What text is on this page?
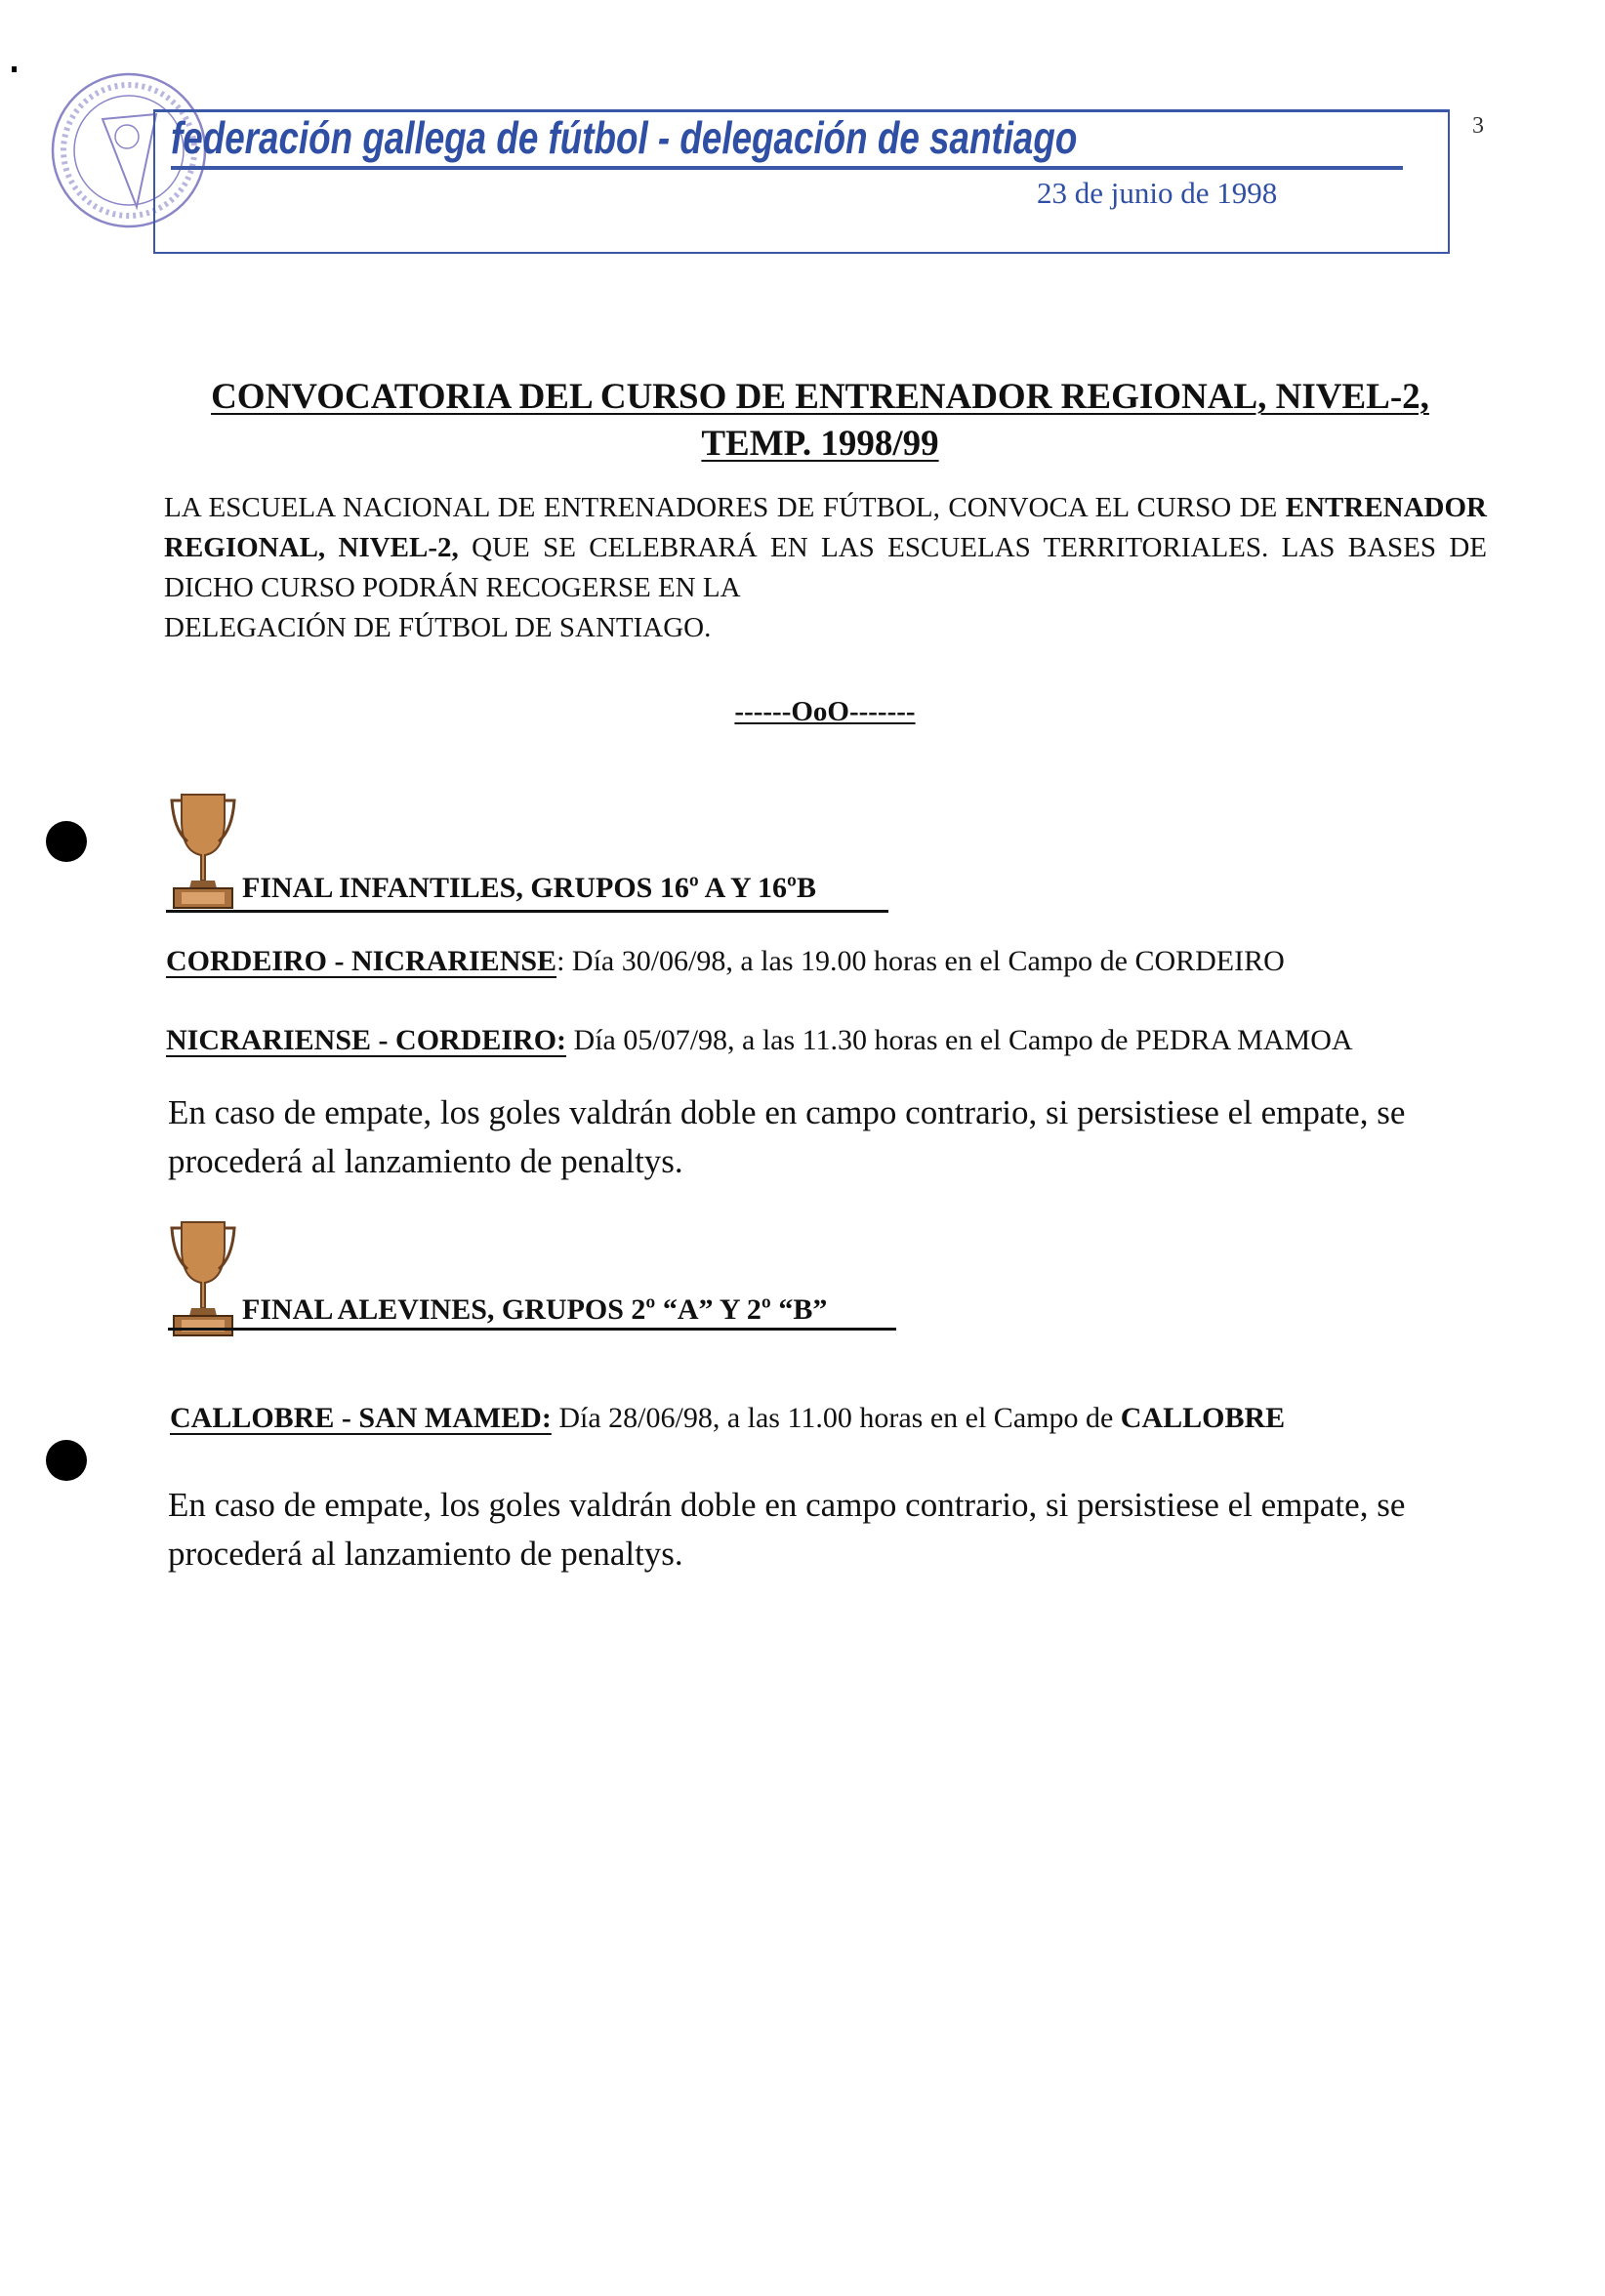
federación gallega de fútbol - delegación de santiago
23 de junio de 1998
3
CONVOCATORIA DEL CURSO DE ENTRENADOR REGIONAL, NIVEL-2,
TEMP. 1998/99
LA ESCUELA NACIONAL DE ENTRENADORES DE FÚTBOL, CONVOCA EL CURSO DE ENTRENADOR REGIONAL, NIVEL-2, QUE SE CELEBRARÁ EN LAS ESCUELAS TERRITORIALES. LAS BASES DE DICHO CURSO PODRÁN RECOGERSE EN LA
DELEGACIÓN DE FÚTBOL DE SANTIAGO.
------OoO-------
FINAL INFANTILES, GRUPOS 16º A Y 16ºB
CORDEIRO - NICRARIENSE: Día 30/06/98, a las 19.00 horas en el Campo de CORDEIRO
NICRARIENSE - CORDEIRO: Día 05/07/98, a las 11.30 horas en el Campo de PEDRA MAMOA
En caso de empate, los goles valdrán doble en campo contrario, si persistiese el empate, se procederá al lanzamiento de penaltys.
FINAL ALEVINES, GRUPOS 2º “A” Y 2º “B”
CALLOBRE - SAN MAMED: Día 28/06/98, a las 11.00 horas en el Campo de CALLOBRE
En caso de empate, los goles valdrán doble en campo contrario, si persistiese el empate, se procederá al lanzamiento de penaltys.
